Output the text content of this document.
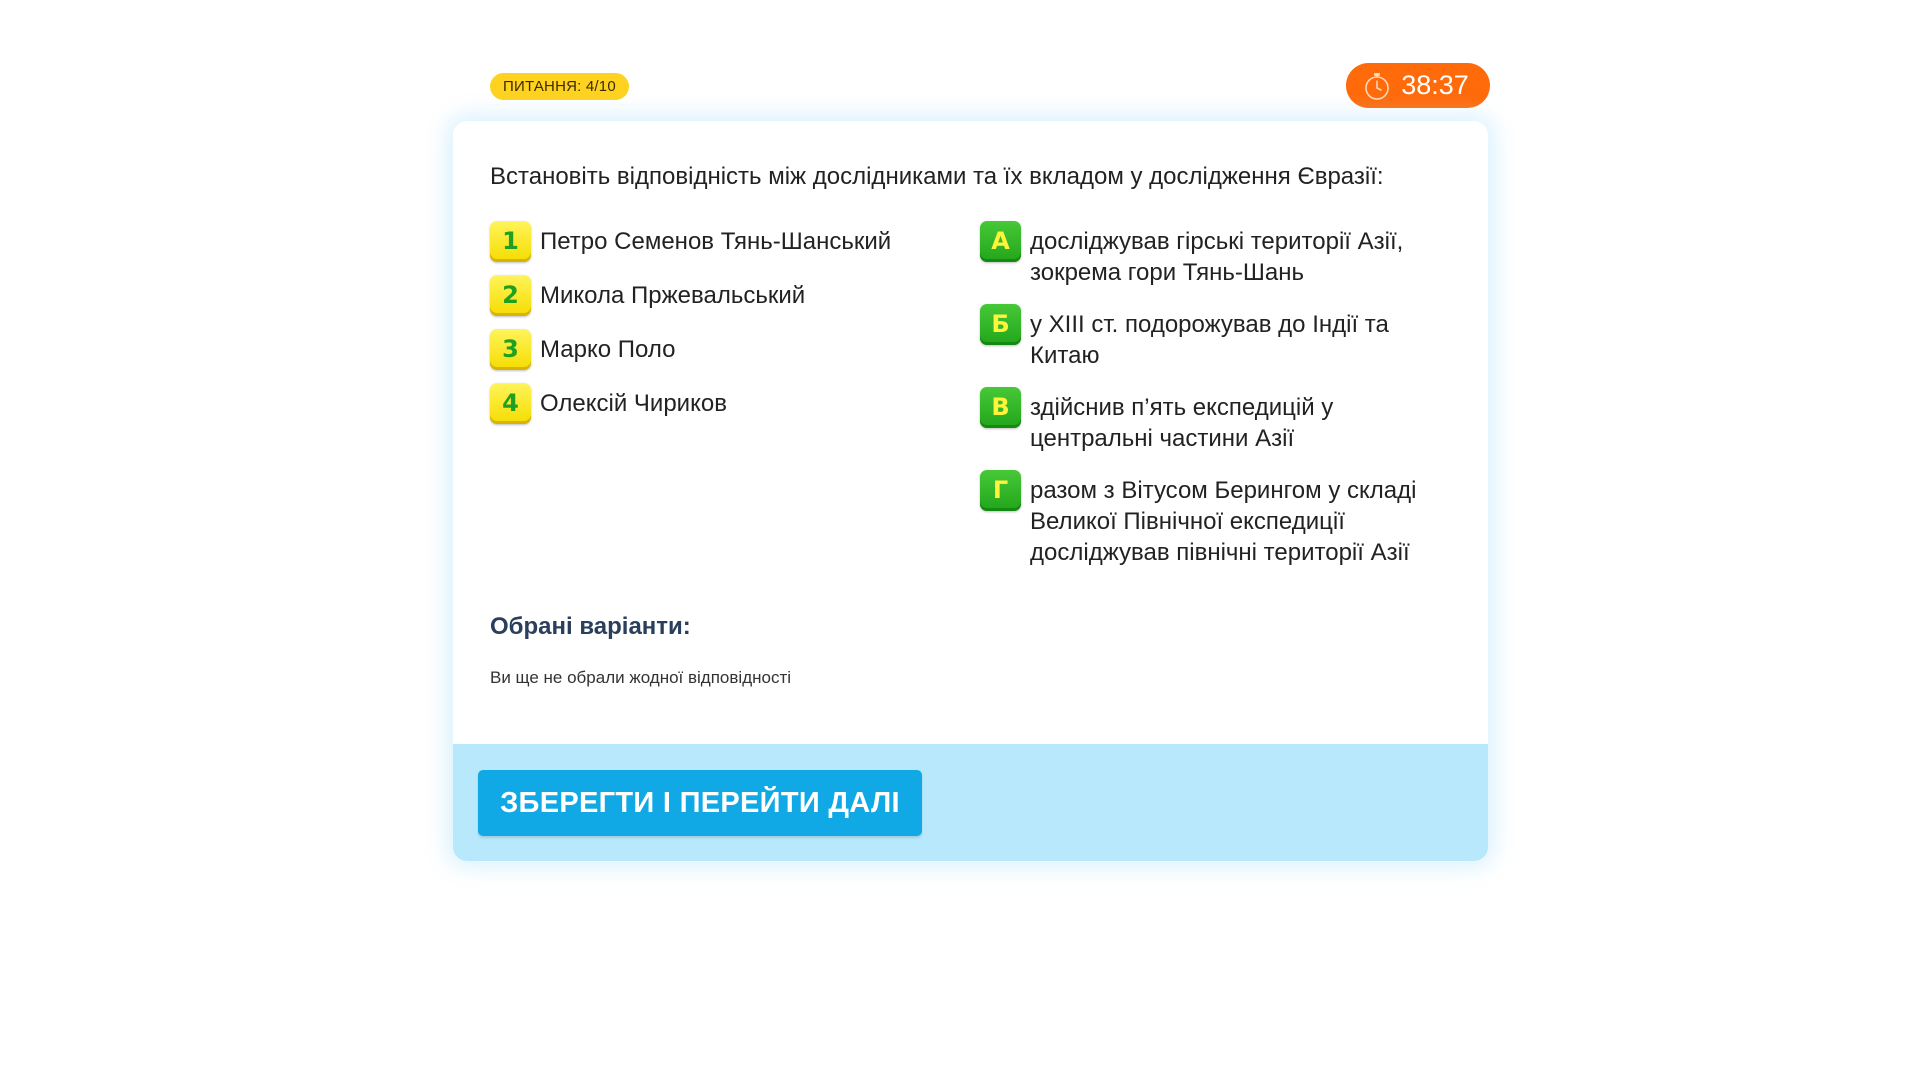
ПИТАННЯ: 4/10	38:37
Встановіть відповідність між дослідниками та їх вкладом у дослідження Євразії:
1 Петро Семенов Тянь-Шанський
2 Микола Пржевальський
3 Марко Поло
4 Олексій Чириков
А досліджував гірські території Азії, зокрема гори Тянь-Шань
Б у XIII ст. подорожував до Індії та Китаю
В здійснив п’ять експедицій у центральні частини Азії
Г разом з Вітусом Берингом у складі Великої Північної експедиції досліджував північні території Азії
Обрані варіанти:
Ви ще не обрали жодної відповідності
ЗБЕРЕГТИ І ПЕРЕЙТИ ДАЛІ
